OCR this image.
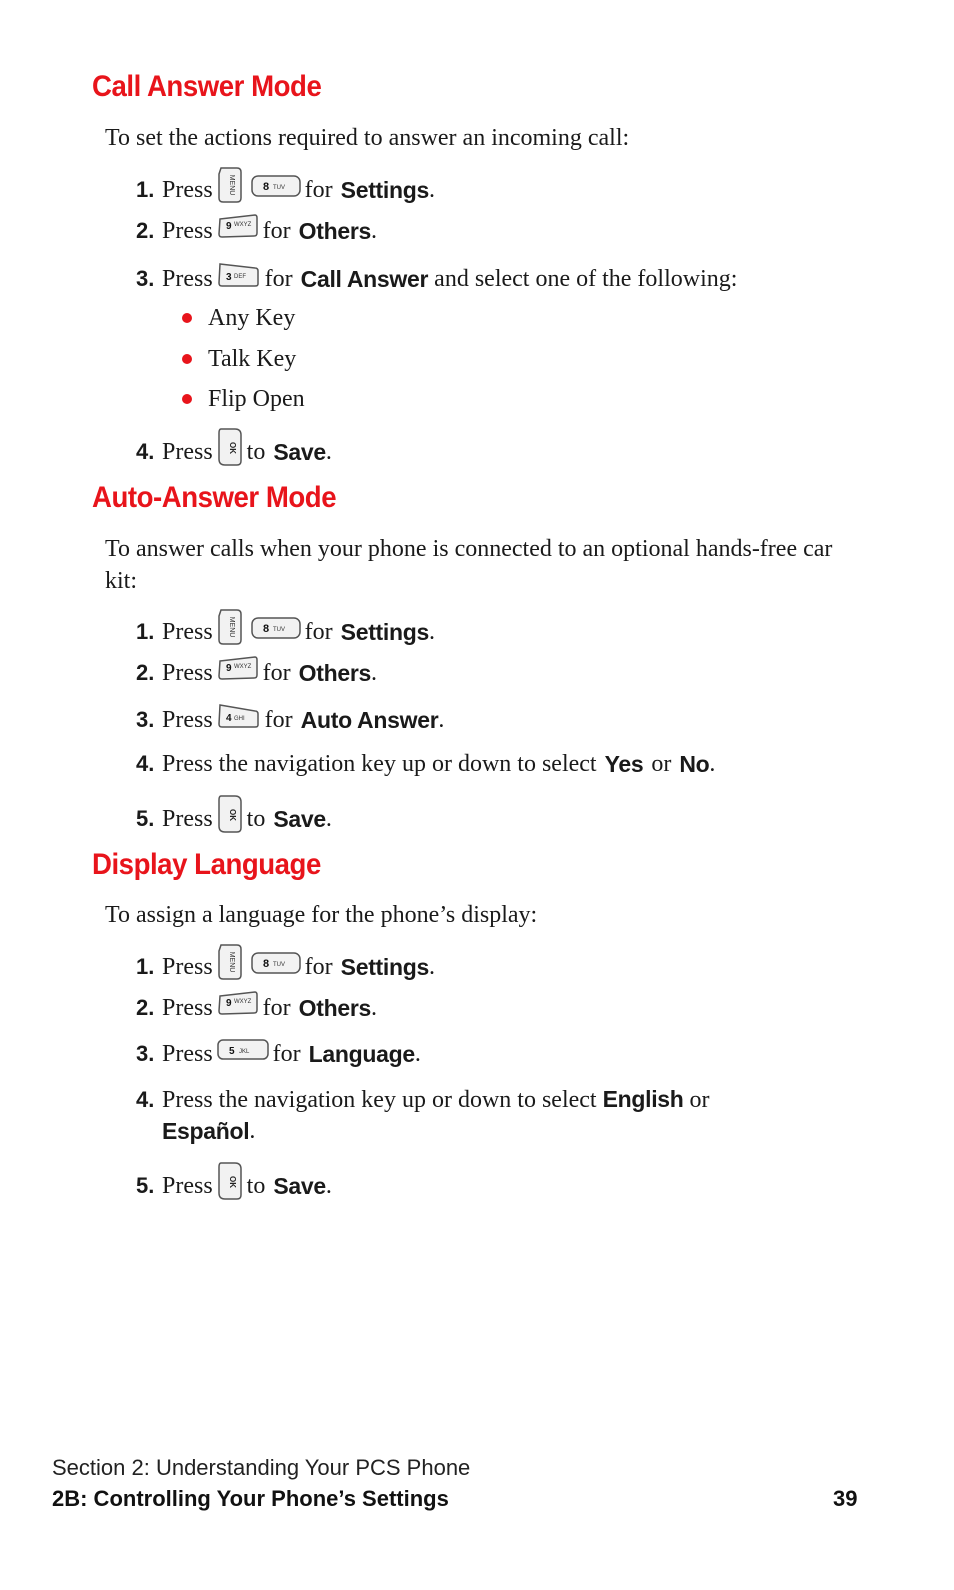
Call Answer Mode
To set the actions required to answer an incoming call:
1. Press MENU	8 TUV for Settings .
2. Press 9 WXYZ for Others .
3. Press 3 DEF for Call Answer and select one of the following:
Any Key
Talk Key
Flip Open
4. Press OK to Save .
Auto-Answer Mode
To answer calls when your phone is connected to an optional hands-free car kit:
1. Press MENU	8 TUV for Settings .
2. Press 9 WXYZ for Others .
3. Press 4 GHI for Auto Answer .
4. Press the navigation key up or down to select Yes or No .
5. Press OK to Save .
Display Language
To assign a language for the phone’s display:
1. Press MENU	8 TUV for Settings .
2. Press 9 WXYZ for Others .
3. Press 5 JKL for Language .
4. Press the navigation key up or down to select English or
Español .
5. Press OK to Save .
Section 2: Understanding Your PCS Phone
2B: Controlling Your Phone’s Settings	39
